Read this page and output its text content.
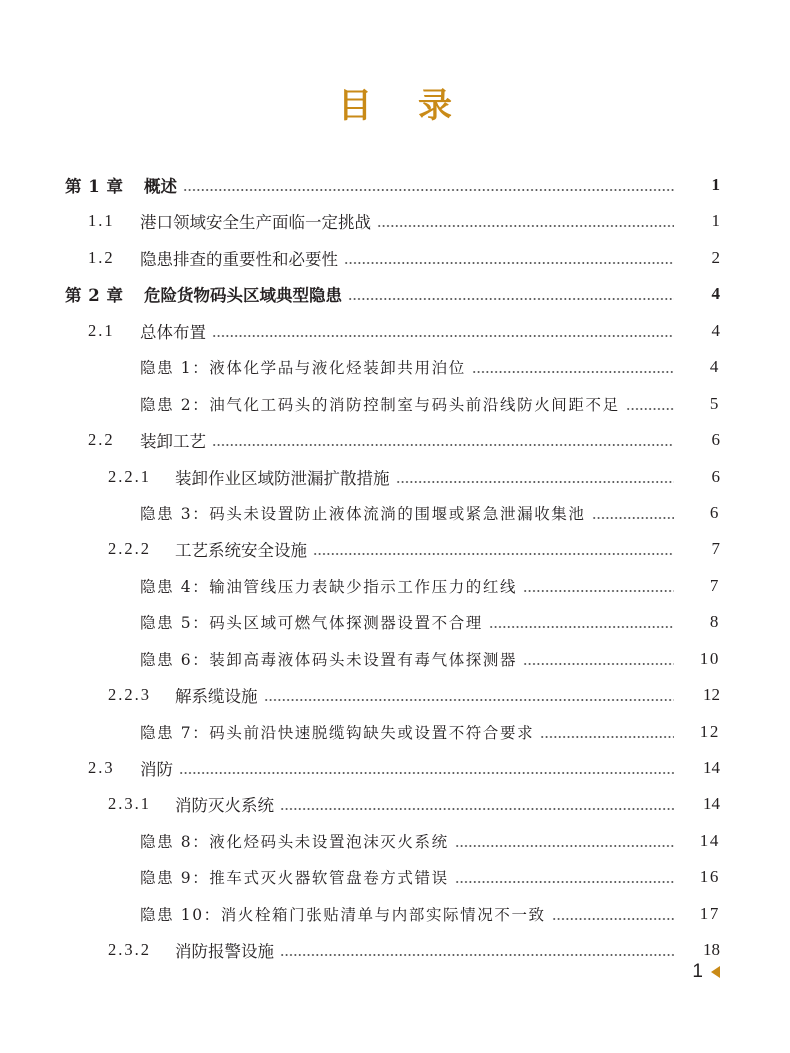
目 录
第 1 章	概述	1
1.1	港口领域安全生产面临一定挑战	1
1.2	隐患排查的重要性和必要性	2
第 2 章	危险货物码头区域典型隐患	4
2.1	总体布置	4
隐患 1：液体化学品与液化烃装卸共用泊位	4
隐患 2：油气化工码头的消防控制室与码头前沿线防火间距不足	5
2.2	装卸工艺	6
2.2.1	装卸作业区域防泄漏扩散措施	6
隐患 3：码头未设置防止液体流淌的围堰或紧急泄漏收集池	6
2.2.2	工艺系统安全设施	7
隐患 4：输油管线压力表缺少指示工作压力的红线	7
隐患 5：码头区域可燃气体探测器设置不合理	8
隐患 6：装卸高毒液体码头未设置有毒气体探测器	10
2.2.3	解系缆设施	12
隐患 7：码头前沿快速脱缆钩缺失或设置不符合要求	12
2.3	消防	14
2.3.1	消防灭火系统	14
隐患 8：液化烃码头未设置泡沫灭火系统	14
隐患 9：推车式灭火器软管盘卷方式错误	16
隐患 10：消火栓箱门张贴清单与内部实际情况不一致	17
2.3.2	消防报警设施	18
1
